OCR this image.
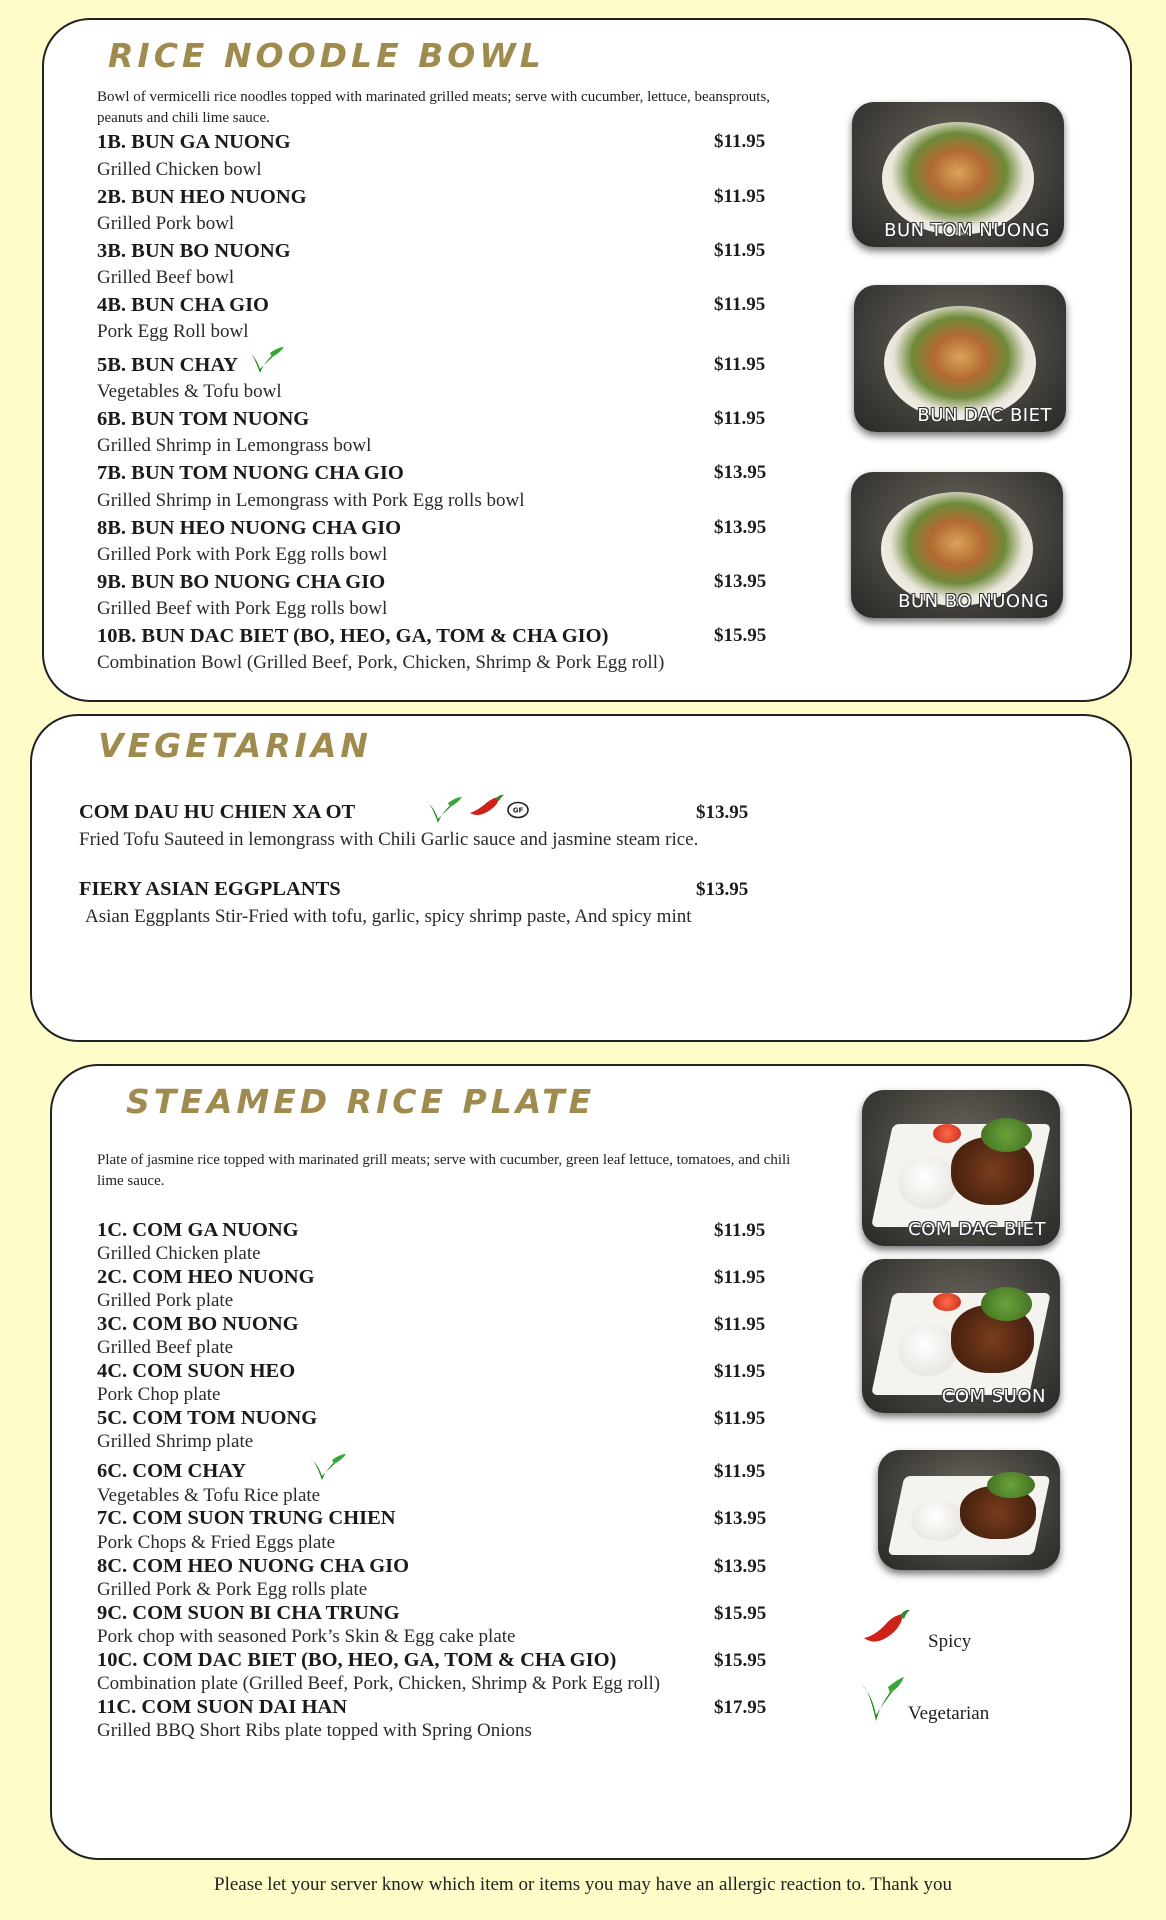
RICE NOODLE BOWL
Bowl of vermicelli rice noodles topped with marinated grilled meats; serve with cucumber, lettuce, beansprouts, peanuts and chili lime sauce.
1B. BUN GA NUONG	$11.95
Grilled Chicken bowl
2B. BUN HEO NUONG	$11.95
Grilled Pork bowl
3B. BUN BO NUONG	$11.95
Grilled Beef bowl
4B. BUN CHA GIO	$11.95
Pork Egg Roll bowl
5B. BUN CHAY	$11.95
Vegetables & Tofu bowl
6B. BUN TOM NUONG	$11.95
Grilled Shrimp in Lemongrass bowl
7B. BUN TOM NUONG CHA GIO	$13.95
Grilled Shrimp in Lemongrass with Pork Egg rolls bowl
8B. BUN HEO NUONG CHA GIO	$13.95
Grilled Pork with Pork Egg rolls bowl
9B. BUN BO NUONG CHA GIO	$13.95
Grilled Beef with Pork Egg rolls bowl
10B. BUN DAC BIET (BO, HEO, GA, TOM & CHA GIO)	$15.95
Combination Bowl (Grilled Beef, Pork, Chicken, Shrimp & Pork Egg roll)
BUN TOM NUONG
BUN DAC BIET
BUN BO NUONG
VEGETARIAN
COM DAU HU CHIEN XA OT	GF	$13.95
Fried Tofu Sauteed in lemongrass with Chili Garlic sauce and jasmine steam rice.
FIERY ASIAN EGGPLANTS	$13.95
Asian Eggplants Stir-Fried with tofu, garlic, spicy shrimp paste, And spicy mint
STEAMED RICE PLATE
Plate of jasmine rice topped with marinated grill meats; serve with cucumber, green leaf lettuce, tomatoes, and chili lime sauce.
1C. COM GA NUONG	$11.95
Grilled Chicken plate
2C. COM HEO NUONG	$11.95
Grilled Pork plate
3C. COM BO NUONG	$11.95
Grilled Beef plate
4C. COM SUON HEO	$11.95
Pork Chop plate
5C. COM TOM NUONG	$11.95
Grilled Shrimp plate
6C. COM CHAY	$11.95
Vegetables & Tofu Rice plate
7C. COM SUON TRUNG CHIEN	$13.95
Pork Chops & Fried Eggs plate
8C. COM HEO NUONG CHA GIO	$13.95
Grilled Pork & Pork Egg rolls plate
9C. COM SUON BI CHA TRUNG	$15.95
Pork chop with seasoned Pork’s Skin & Egg cake plate
10C. COM DAC BIET (BO, HEO, GA, TOM & CHA GIO)	$15.95
Combination plate (Grilled Beef, Pork, Chicken, Shrimp & Pork Egg roll)
11C. COM SUON DAI HAN	$17.95
Grilled BBQ Short Ribs plate topped with Spring Onions
COM DAC BIET
COM SUON
Spicy
Vegetarian
Please let your server know which item or items you may have an allergic reaction to. Thank you
